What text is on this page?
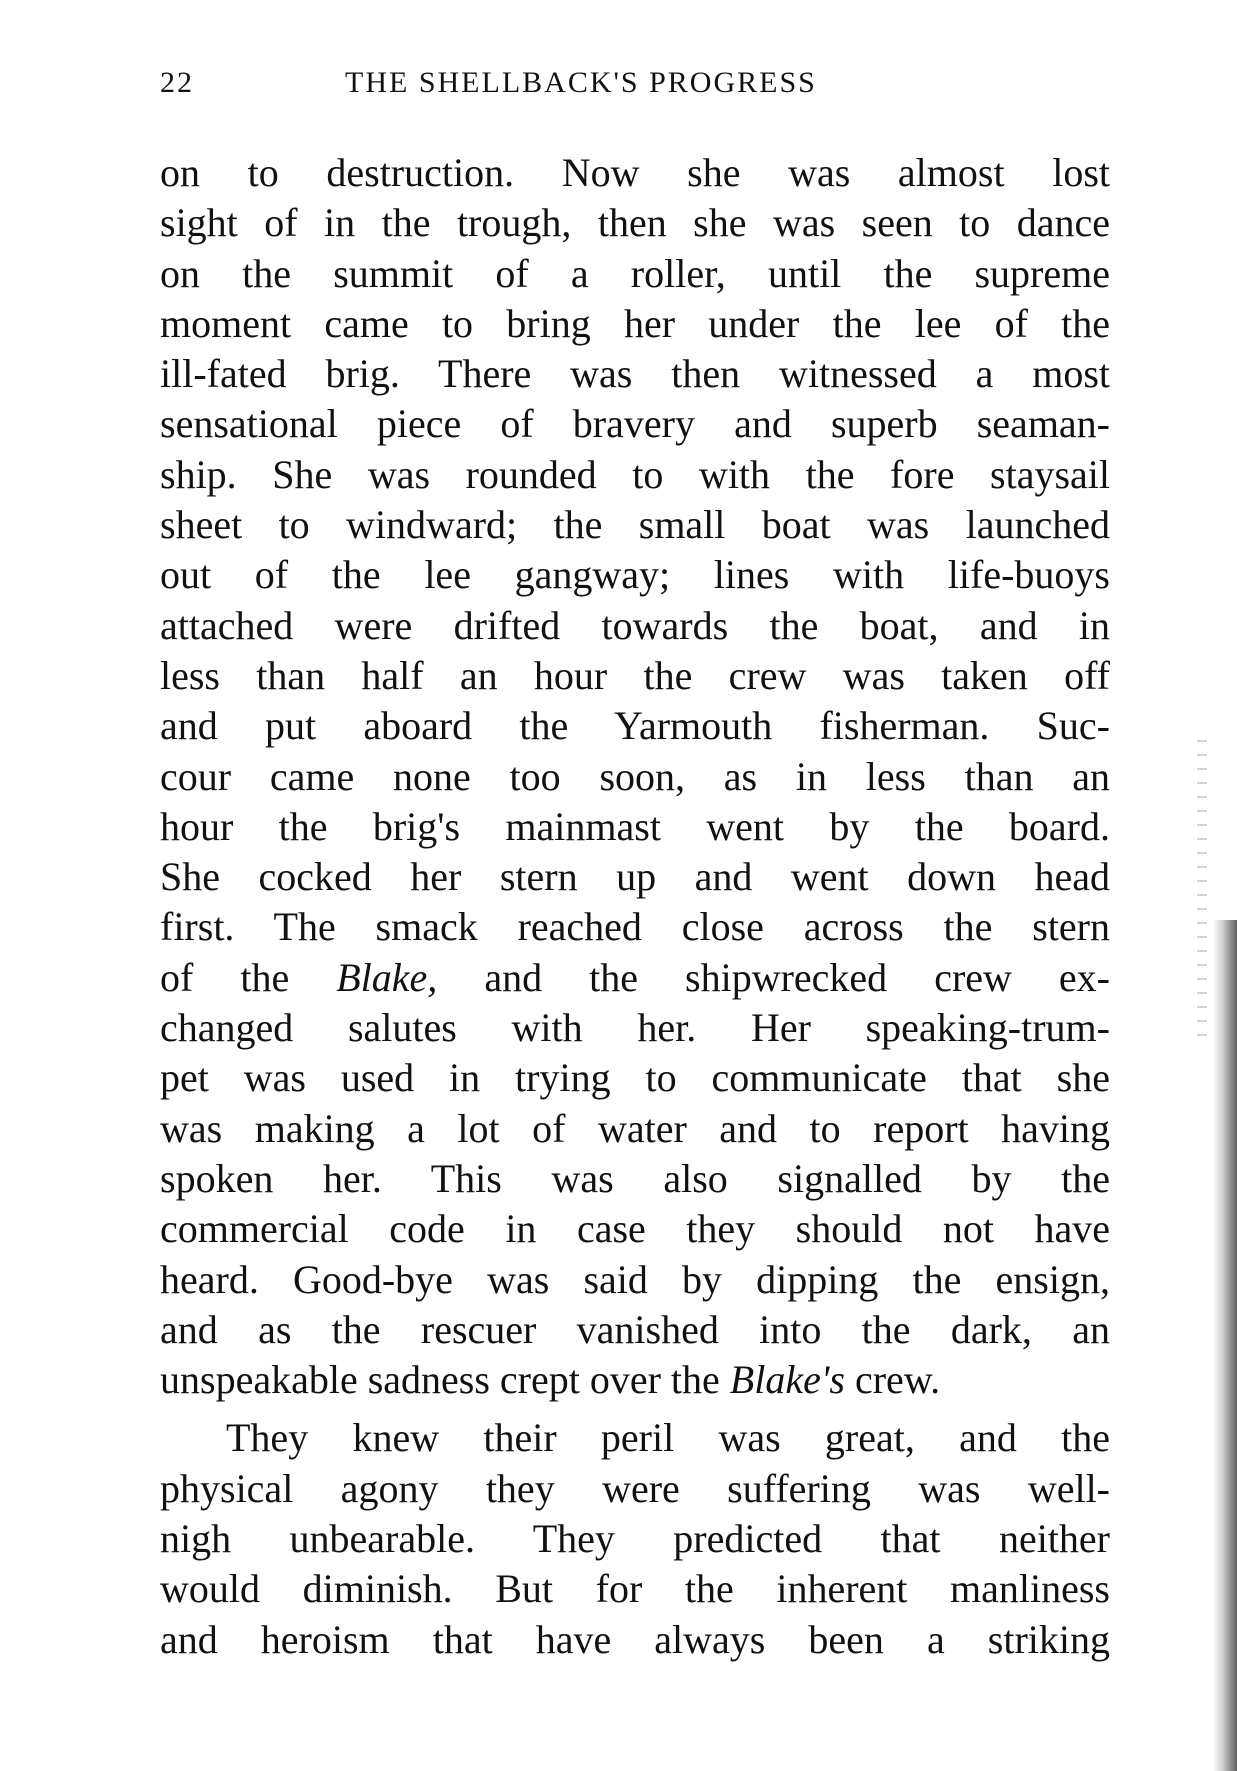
22	THE SHELLBACK'S PROGRESS
on to destruction. Now she was almost lost
sight of in the trough, then she was seen to dance
on the summit of a roller, until the supreme
moment came to bring her under the lee of the
ill-fated brig. There was then witnessed a most
sensational piece of bravery and superb seaman-
ship. She was rounded to with the fore staysail
sheet to windward; the small boat was launched
out of the lee gangway; lines with life-buoys
attached were drifted towards the boat, and in
less than half an hour the crew was taken off
and put aboard the Yarmouth fisherman. Suc-
cour came none too soon, as in less than an
hour the brig's mainmast went by the board.
She cocked her stern up and went down head
first. The smack reached close across the stern
of the Blake, and the shipwrecked crew ex-
changed salutes with her. Her speaking-trum-
pet was used in trying to communicate that she
was making a lot of water and to report having
spoken her. This was also signalled by the
commercial code in case they should not have
heard. Good-bye was said by dipping the ensign,
and as the rescuer vanished into the dark, an
unspeakable sadness crept over the Blake's crew.
They knew their peril was great, and the
physical agony they were suffering was well-
nigh unbearable. They predicted that neither
would diminish. But for the inherent manliness
and heroism that have always been a striking
